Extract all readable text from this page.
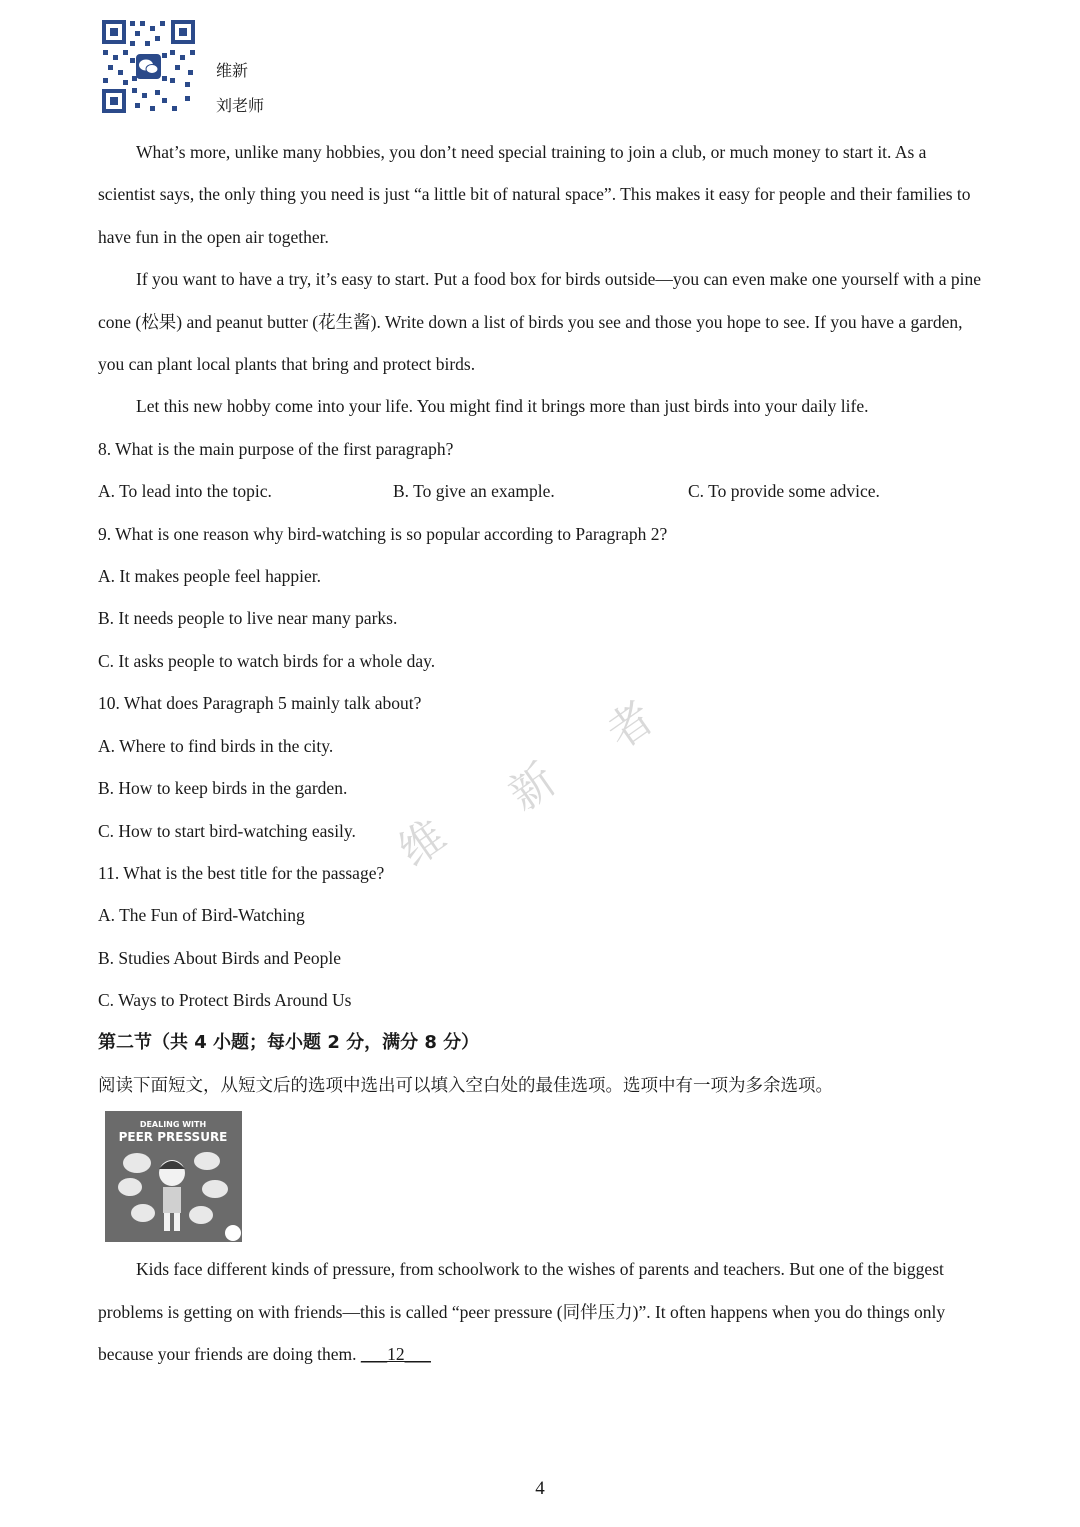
维新
刘老师

What’s more, unlike many hobbies, you don’t need special training to join a club, or much money to start it. As a scientist says, the only thing you need is just “a little bit of natural space”. This makes it easy for people and their families to have fun in the open air together.

If you want to have a try, it’s easy to start. Put a food box for birds outside—you can even make one yourself with a pine cone (松果) and peanut butter (花生酱). Write down a list of birds you see and those you hope to see. If you have a garden, you can plant local plants that bring and protect birds.

Let this new hobby come into your life. You might find it brings more than just birds into your daily life.

8. What is the main purpose of the first paragraph?

A. To lead into the topic.	B. To give an example.	C. To provide some advice.

9. What is one reason why bird-watching is so popular according to Paragraph 2?

A. It makes people feel happier.

B. It needs people to live near many parks.

C. It asks people to watch birds for a whole day.

10. What does Paragraph 5 mainly talk about?

A. Where to find birds in the city.

B. How to keep birds in the garden.

C. How to start bird-watching easily.

11. What is the best title for the passage?

A. The Fun of Bird-Watching

B. Studies About Birds and People

C. Ways to Protect Birds Around Us

第二节（共 4 小题；每小题 2 分，满分 8 分）

阅读下面短文，从短文后的选项中选出可以填入空白处的最佳选项。选项中有一项为多余选项。

DEALING WITH
PEER PRESSURE

Kids face different kinds of pressure, from schoolwork to the wishes of parents and teachers. But one of the biggest problems is getting on with friends—this is called “peer pressure (同伴压力)”. It often happens when you do things only because your friends are doing them. ___12___

维
新
者
4
